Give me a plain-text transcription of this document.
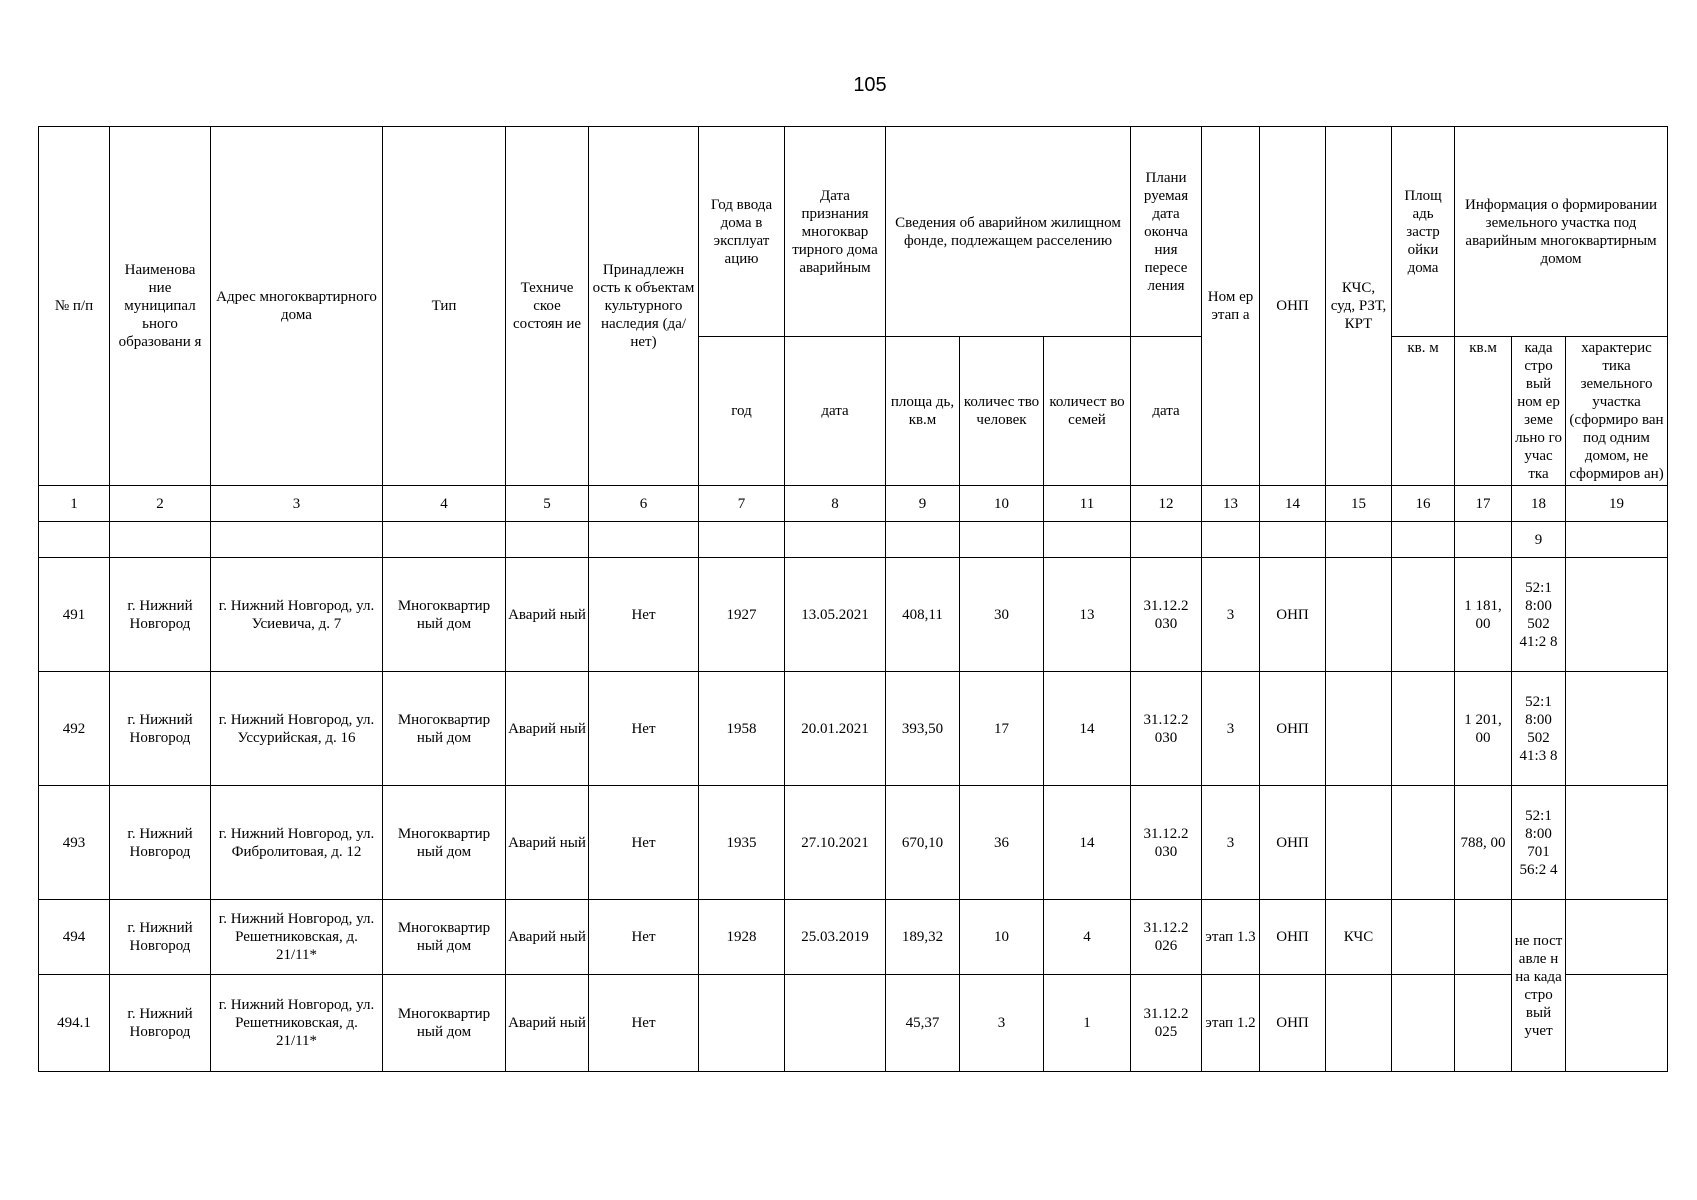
105
№ п/п	Наименова ние муниципал ьного образовани я	Адрес многоквартирного дома	Тип	Техниче ское состоян ие	Принадлежн ость к объектам культурного наследия (да/нет)	Год ввода дома в эксплуат ацию	Дата признания многоквар тирного дома аварийным	Сведения об аварийном жилищном фонде, подлежащем расселению			Плани руемая дата оконча ния пересе ления	Ном ер этап а	ОНП	КЧС, суд, РЗТ, КРТ	Площ адь застр ойки дома	Информация о формировании земельного участка под аварийным многоквартирным домом		
						год	дата	площа дь, кв.м	количес тво человек	количест во семей	дата				кв. м	кв.м	када стро вый ном ер земе льно го учас тка	характерис тика земельного участка (сформиро ван под одним домом, не сформиров ан)
1	2	3	4	5	6	7	8	9	10	11	12	13	14	15	16	17	18	19
																	9	
491	г. Нижний Новгород	г. Нижний Новгород, ул. Усиевича, д. 7	Многоквартир ный дом	Аварий ный	Нет	1927	13.05.2021	408,11	30	13	31.12.2 030	3	ОНП			1 181, 00	52:1 8:00 502 41:2 8	
492	г. Нижний Новгород	г. Нижний Новгород, ул. Уссурийская, д. 16	Многоквартир ный дом	Аварий ный	Нет	1958	20.01.2021	393,50	17	14	31.12.2 030	3	ОНП			1 201, 00	52:1 8:00 502 41:3 8	
493	г. Нижний Новгород	г. Нижний Новгород, ул. Фибролитовая, д. 12	Многоквартир ный дом	Аварий ный	Нет	1935	27.10.2021	670,10	36	14	31.12.2 030	3	ОНП			788, 00	52:1 8:00 701 56:2 4	
494	г. Нижний Новгород	г. Нижний Новгород, ул. Решетниковская, д. 21/11*	Многоквартир ный дом	Аварий ный	Нет	1928	25.03.2019	189,32	10	4	31.12.2 026	этап 1.3	ОНП	КЧС			не пост авле н на када стро вый учет	
494.1	г. Нижний Новгород	г. Нижний Новгород, ул. Решетниковская, д. 21/11*	Многоквартир ный дом	Аварий ный	Нет			45,37	3	1	31.12.2 025	этап 1.2	ОНП					
